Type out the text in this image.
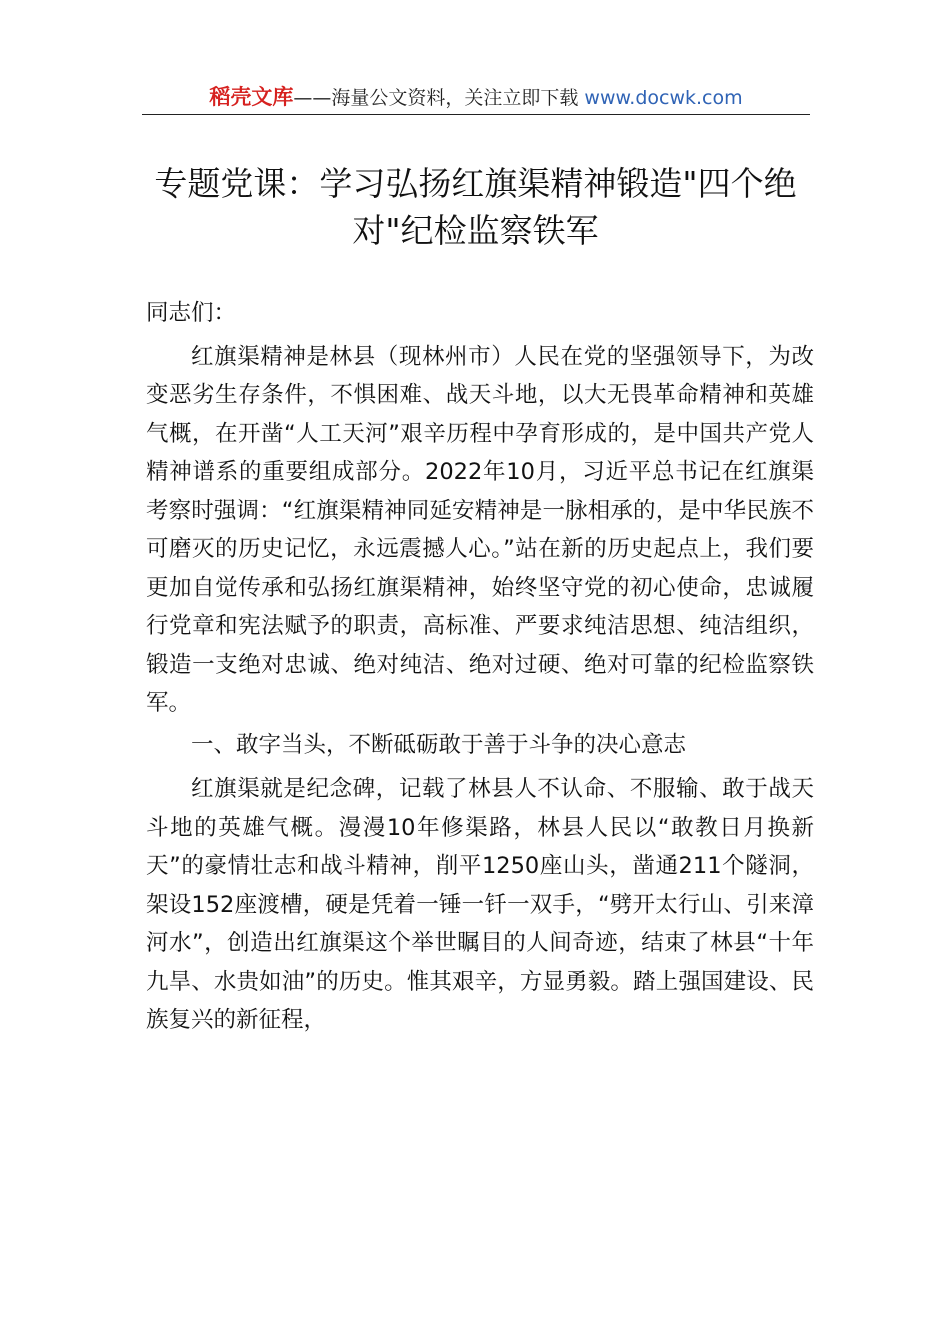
稻壳文库——海量公文资料，关注立即下载 www.docwk.com
专题党课：学习弘扬红旗渠精神锻造"四个绝对"纪检监察铁军

同志们：

红旗渠精神是林县（现林州市）人民在党的坚强领导下，为改变恶劣生存条件，不惧困难、战天斗地，以大无畏革命精神和英雄气概，在开凿“人工天河”艰辛历程中孕育形成的，是中国共产党人精神谱系的重要组成部分。2022年10月，习近平总书记在红旗渠考察时强调：“红旗渠精神同延安精神是一脉相承的，是中华民族不可磨灭的历史记忆，永远震撼人心。”站在新的历史起点上，我们要更加自觉传承和弘扬红旗渠精神，始终坚守党的初心使命，忠诚履行党章和宪法赋予的职责，高标准、严要求纯洁思想、纯洁组织，锻造一支绝对忠诚、绝对纯洁、绝对过硬、绝对可靠的纪检监察铁军。

一、敢字当头，不断砥砺敢于善于斗争的决心意志

红旗渠就是纪念碑，记载了林县人不认命、不服输、敢于战天斗地的英雄气概。漫漫10年修渠路，林县人民以“敢教日月换新天”的豪情壮志和战斗精神，削平1250座山头，凿通211个隧洞，架设152座渡槽，硬是凭着一锤一钎一双手，“劈开太行山、引来漳河水”，创造出红旗渠这个举世瞩目的人间奇迹，结束了林县“十年九旱、水贵如油”的历史。惟其艰辛，方显勇毅。踏上强国建设、民族复兴的新征程，
